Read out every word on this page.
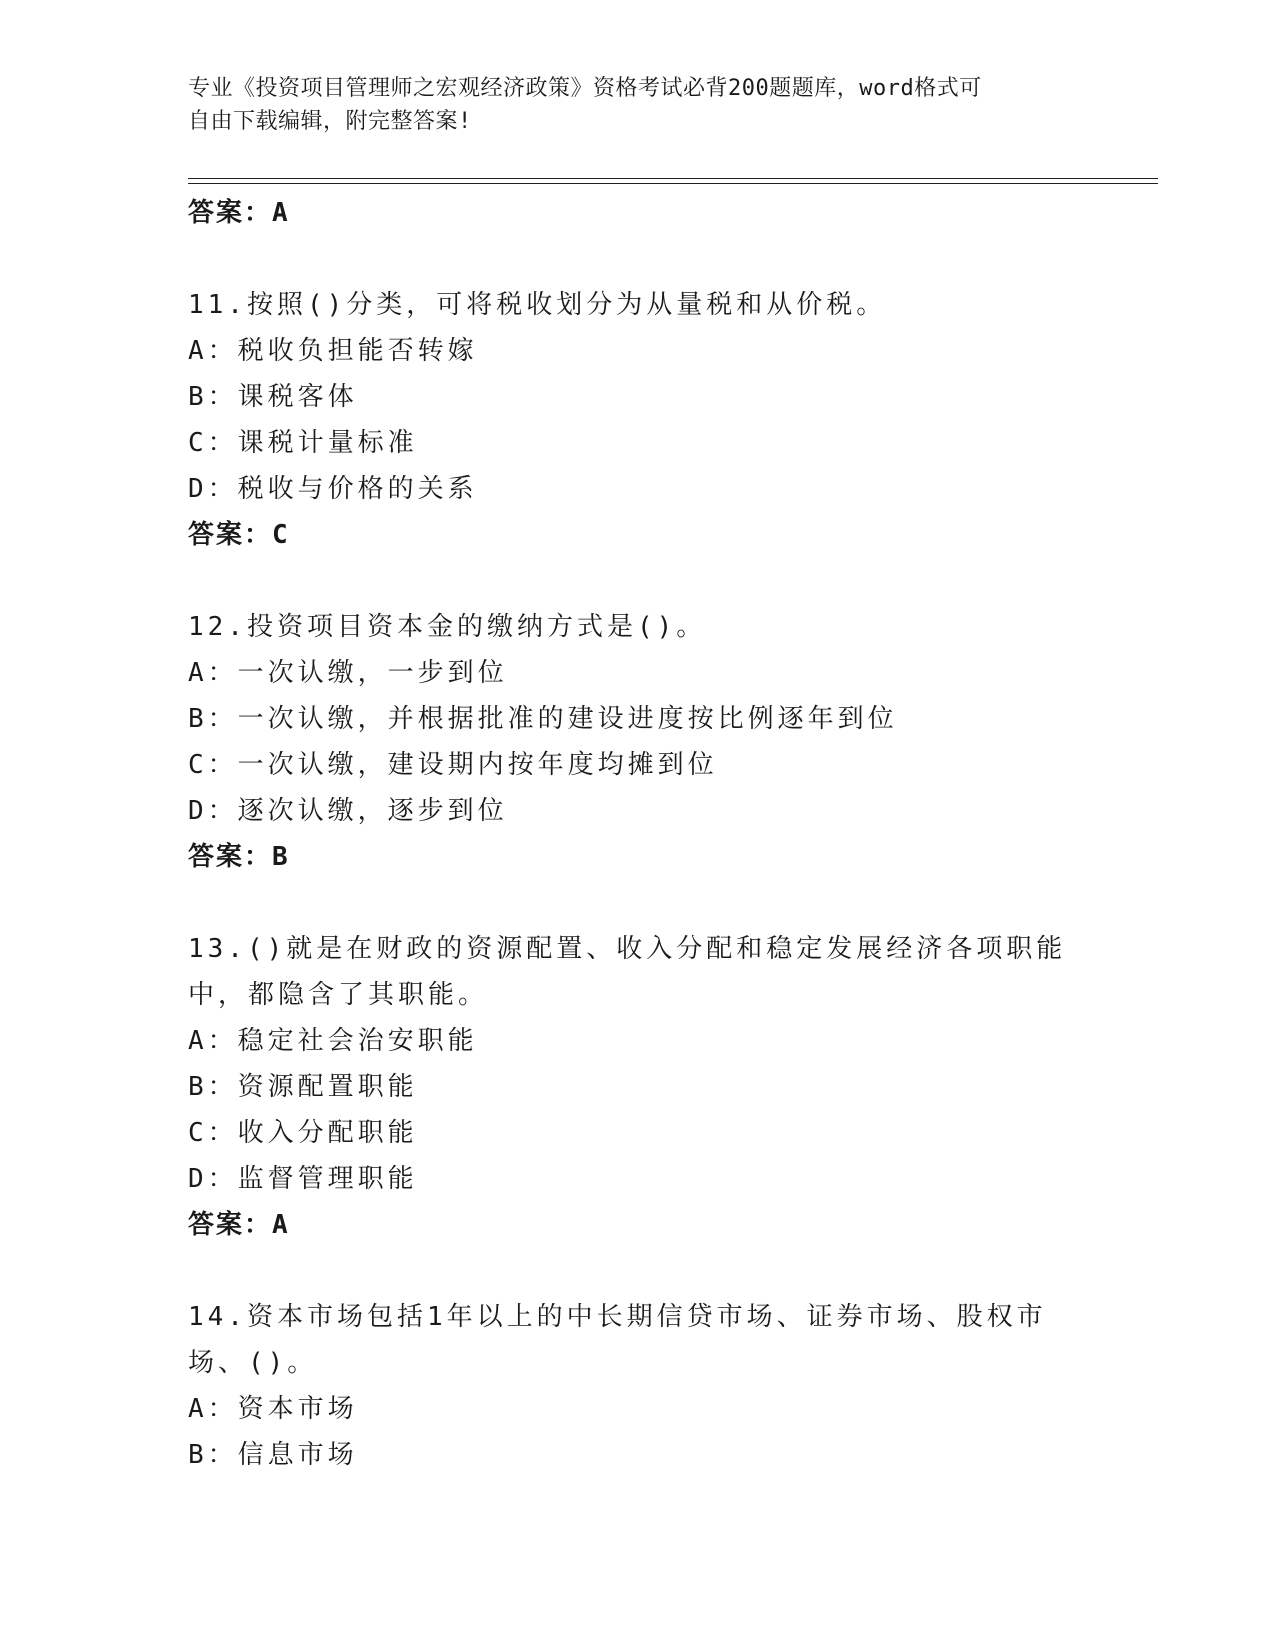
专业《投资项目管理师之宏观经济政策》资格考试必背200题题库，word格式可
自由下载编辑，附完整答案!
答案：A
11.按照()分类，可将税收划分为从量税和从价税。
A：税收负担能否转嫁
B：课税客体
C：课税计量标准
D：税收与价格的关系
答案：C
12.投资项目资本金的缴纳方式是()。
A：一次认缴，一步到位
B：一次认缴，并根据批准的建设进度按比例逐年到位
C：一次认缴，建设期内按年度均摊到位
D：逐次认缴，逐步到位
答案：B
13.()就是在财政的资源配置、收入分配和稳定发展经济各项职能中，都隐含了其职能。
A：稳定社会治安职能
B：资源配置职能
C：收入分配职能
D：监督管理职能
答案：A
14.资本市场包括1年以上的中长期信贷市场、证券市场、股权市场、()。
A：资本市场
B：信息市场
